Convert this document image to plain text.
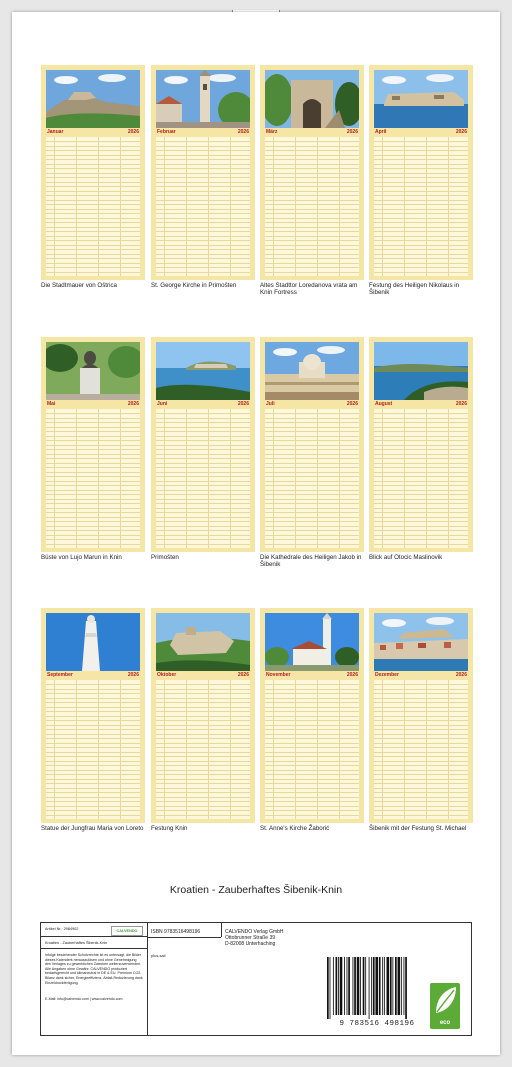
Januar	2026
Die Stadtmauer von Oštrica
Februar	2026
St. George Kirche in Primošten
März	2026
Altes Stadttor Loredanova vrata am Knin Fortress
April	2026
Festung des Heiligen Nikolaus in Šibenik
Mai	2026
Büste von Lujo Marun in Knin
Juni	2026
Primošten
Juli	2026
Die Kathedrale des Heiligen Jakob in Šibenik
August	2026
Blick auf Otocic Maslinovik
September	2026
Statue der Jungfrau Maria von Loreto
Oktober	2026
Festung Knin
November	2026
St. Anne's Kirche Žaborić
Dezember	2026
Šibenik mit der Festung St. Michael
Kroatien - Zauberhaftes Šibenik-Knin
Artikel Nr.: 2984902	CALVENDO
Kroatien - Zauberhaftes Šibenik-Knin
Infolge bestehender Schutzrechte ist es untersagt, die Bilder dieses Kalenders herauszulösen und ohne Genehmigung des Verlages zu gewerblichen Zwecken weiterzuverwenden. Alle Angaben ohne Gewähr. CALVENDO produziert bedarfsgerecht und klimaneutral in DE & EU. Premium CO2-Bilanz dank sicher, Energieeffizienz, Abfall-Reduzierung dank Einzeldruckfertigung.
E-Mail: info@calvendo.com | www.calvendo.com
ISBN 9783516498196	CALVENDO Verlag GmbH
Ottobrunner Straße 39
D-82008 Unterhaching
plus.sail
9 783516 498196	eco
